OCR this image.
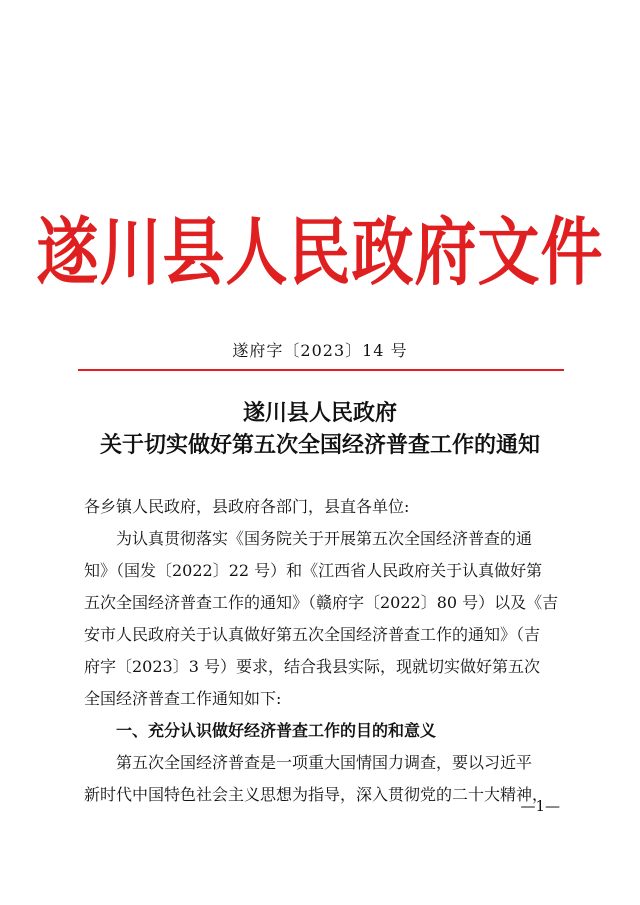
遂川县人民政府文件
遂府字〔2023〕14 号
遂川县人民政府
关于切实做好第五次全国经济普查工作的通知
各乡镇人民政府，县政府各部门，县直各单位:
为认真贯彻落实《国务院关于开展第五次全国经济普查的通
知》（国发〔2022〕22 号）和《江西省人民政府关于认真做好第
五次全国经济普查工作的通知》（赣府字〔2022〕80 号）以及《吉
安市人民政府关于认真做好第五次全国经济普查工作的通知》（吉
府字〔2023〕3 号）要求，结合我县实际，现就切实做好第五次
全国经济普查工作通知如下:
一、充分认识做好经济普查工作的目的和意义
第五次全国经济普查是一项重大国情国力调查，要以习近平
新时代中国特色社会主义思想为指导，深入贯彻党的二十大精神，
—1—
